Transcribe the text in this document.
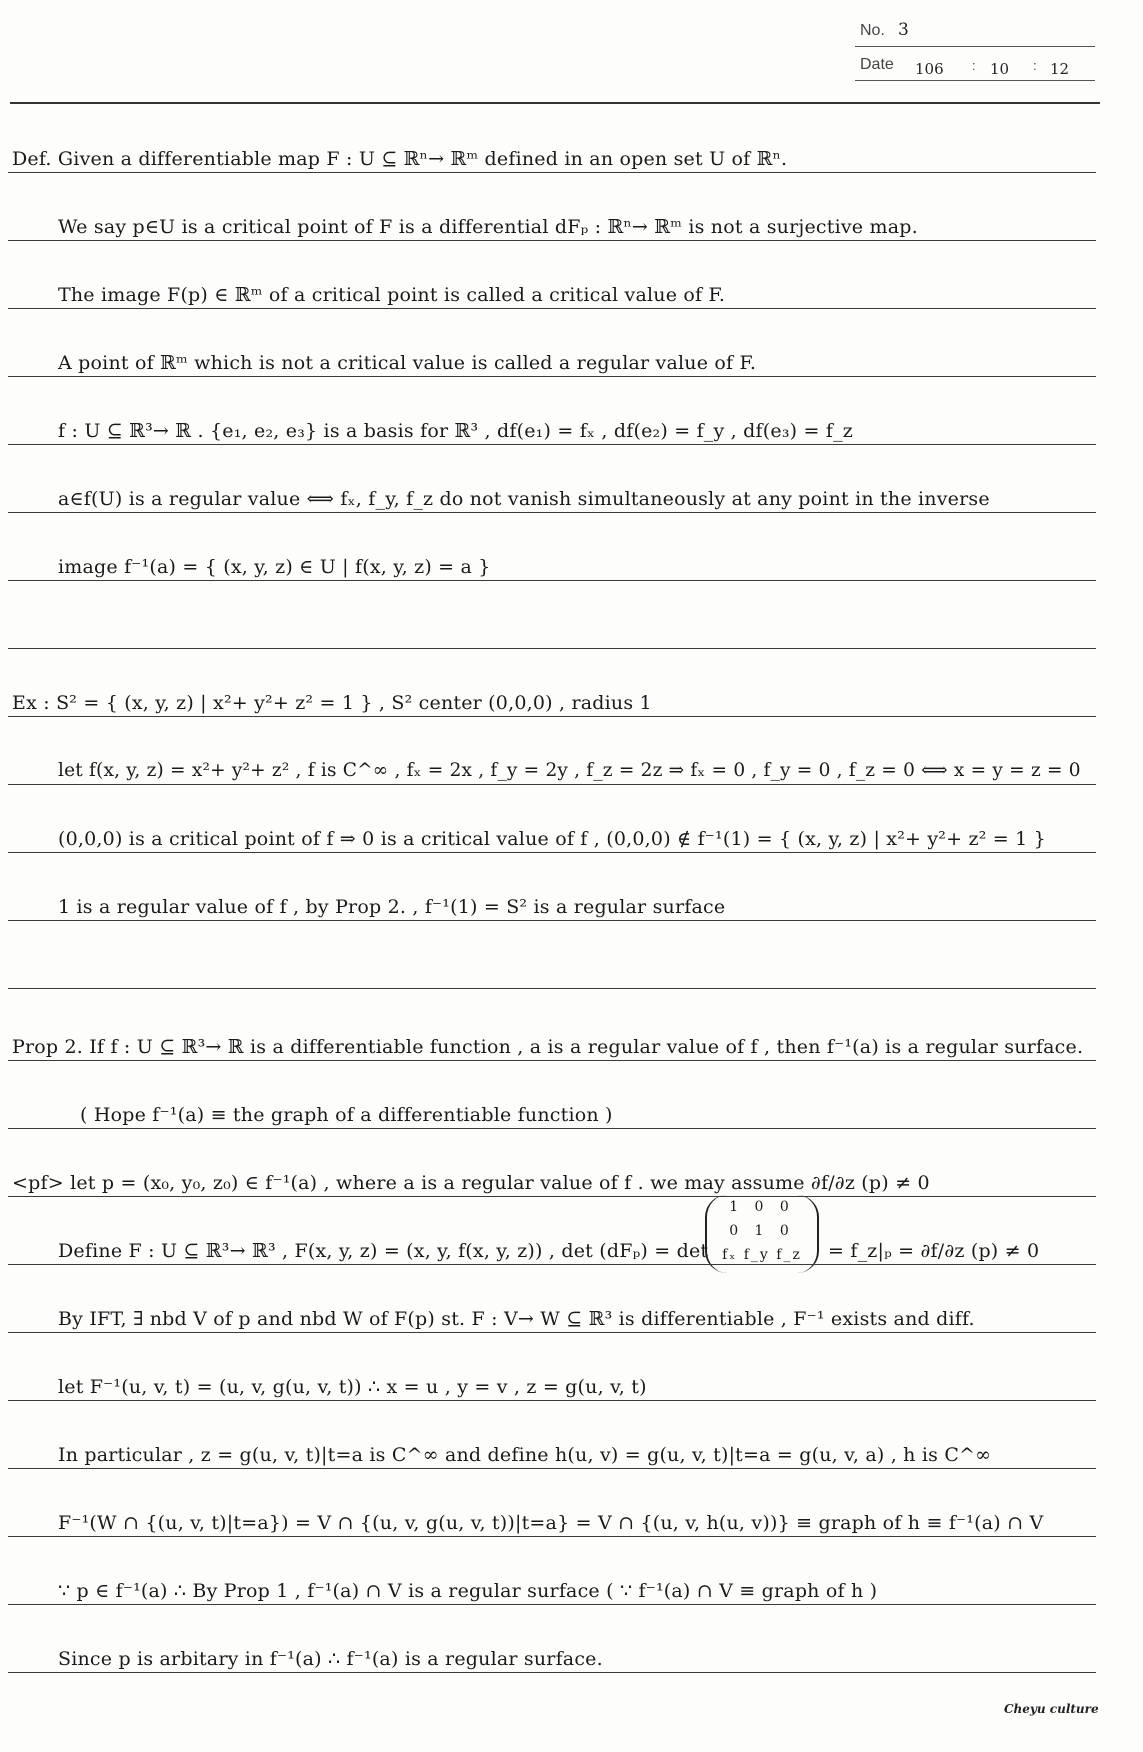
No. 3
Date 106 : 10 : 12
Def. Given a differentiable map F : U ⊆ ℝⁿ→ ℝᵐ defined in an open set U of ℝⁿ.
We say p∈U is a critical point of F is a differential dFₚ : ℝⁿ→ ℝᵐ is not a surjective map.
The image F(p) ∈ ℝᵐ of a critical point is called a critical value of F.
A point of ℝᵐ which is not a critical value is called a regular value of F.
f : U ⊆ ℝ³→ ℝ . {e₁, e₂, e₃} is a basis for ℝ³ , df(e₁) = fₓ , df(e₂) = f_y , df(e₃) = f_z
a∈f(U) is a regular value ⟺ fₓ, f_y, f_z do not vanish simultaneously at any point in the inverse
image f⁻¹(a) = { (x, y, z) ∈ U | f(x, y, z) = a }
Ex : S² = { (x, y, z) | x²+ y²+ z² = 1 } , S² center (0,0,0) , radius 1
let f(x, y, z) = x²+ y²+ z² , f is C^∞ , fₓ = 2x , f_y = 2y , f_z = 2z ⇒ fₓ = 0 , f_y = 0 , f_z = 0 ⟺ x = y = z = 0
(0,0,0) is a critical point of f ⇒ 0 is a critical value of f , (0,0,0) ∉ f⁻¹(1) = { (x, y, z) | x²+ y²+ z² = 1 }
1 is a regular value of f , by Prop 2. , f⁻¹(1) = S² is a regular surface
Prop 2. If f : U ⊆ ℝ³→ ℝ is a differentiable function , a is a regular value of f , then f⁻¹(a) is a regular surface.
( Hope f⁻¹(a) ≡ the graph of a differentiable function )
<pf> let p = (x₀, y₀, z₀) ∈ f⁻¹(a) , where a is a regular value of f . we may assume ∂f/∂z (p) ≠ 0
Define F : U ⊆ ℝ³→ ℝ³ , F(x, y, z) = (x, y, f(x, y, z)) , det (dFₚ) = det
1 0 0
0 1 0
fₓ f_y f_z	= f_z|ₚ = ∂f/∂z (p) ≠ 0
By IFT, ∃ nbd V of p and nbd W of F(p) st. F : V→ W ⊆ ℝ³ is differentiable , F⁻¹ exists and diff.
let F⁻¹(u, v, t) = (u, v, g(u, v, t)) ∴ x = u , y = v , z = g(u, v, t)
In particular , z = g(u, v, t)|t=a is C^∞ and define h(u, v) = g(u, v, t)|t=a = g(u, v, a) , h is C^∞
F⁻¹(W ∩ {(u, v, t)|t=a}) = V ∩ {(u, v, g(u, v, t))|t=a} = V ∩ {(u, v, h(u, v))} ≡ graph of h ≡ f⁻¹(a) ∩ V
∵ p ∈ f⁻¹(a) ∴ By Prop 1 , f⁻¹(a) ∩ V is a regular surface ( ∵ f⁻¹(a) ∩ V ≡ graph of h )
Since p is arbitary in f⁻¹(a) ∴ f⁻¹(a) is a regular surface.
Cheyu culture
